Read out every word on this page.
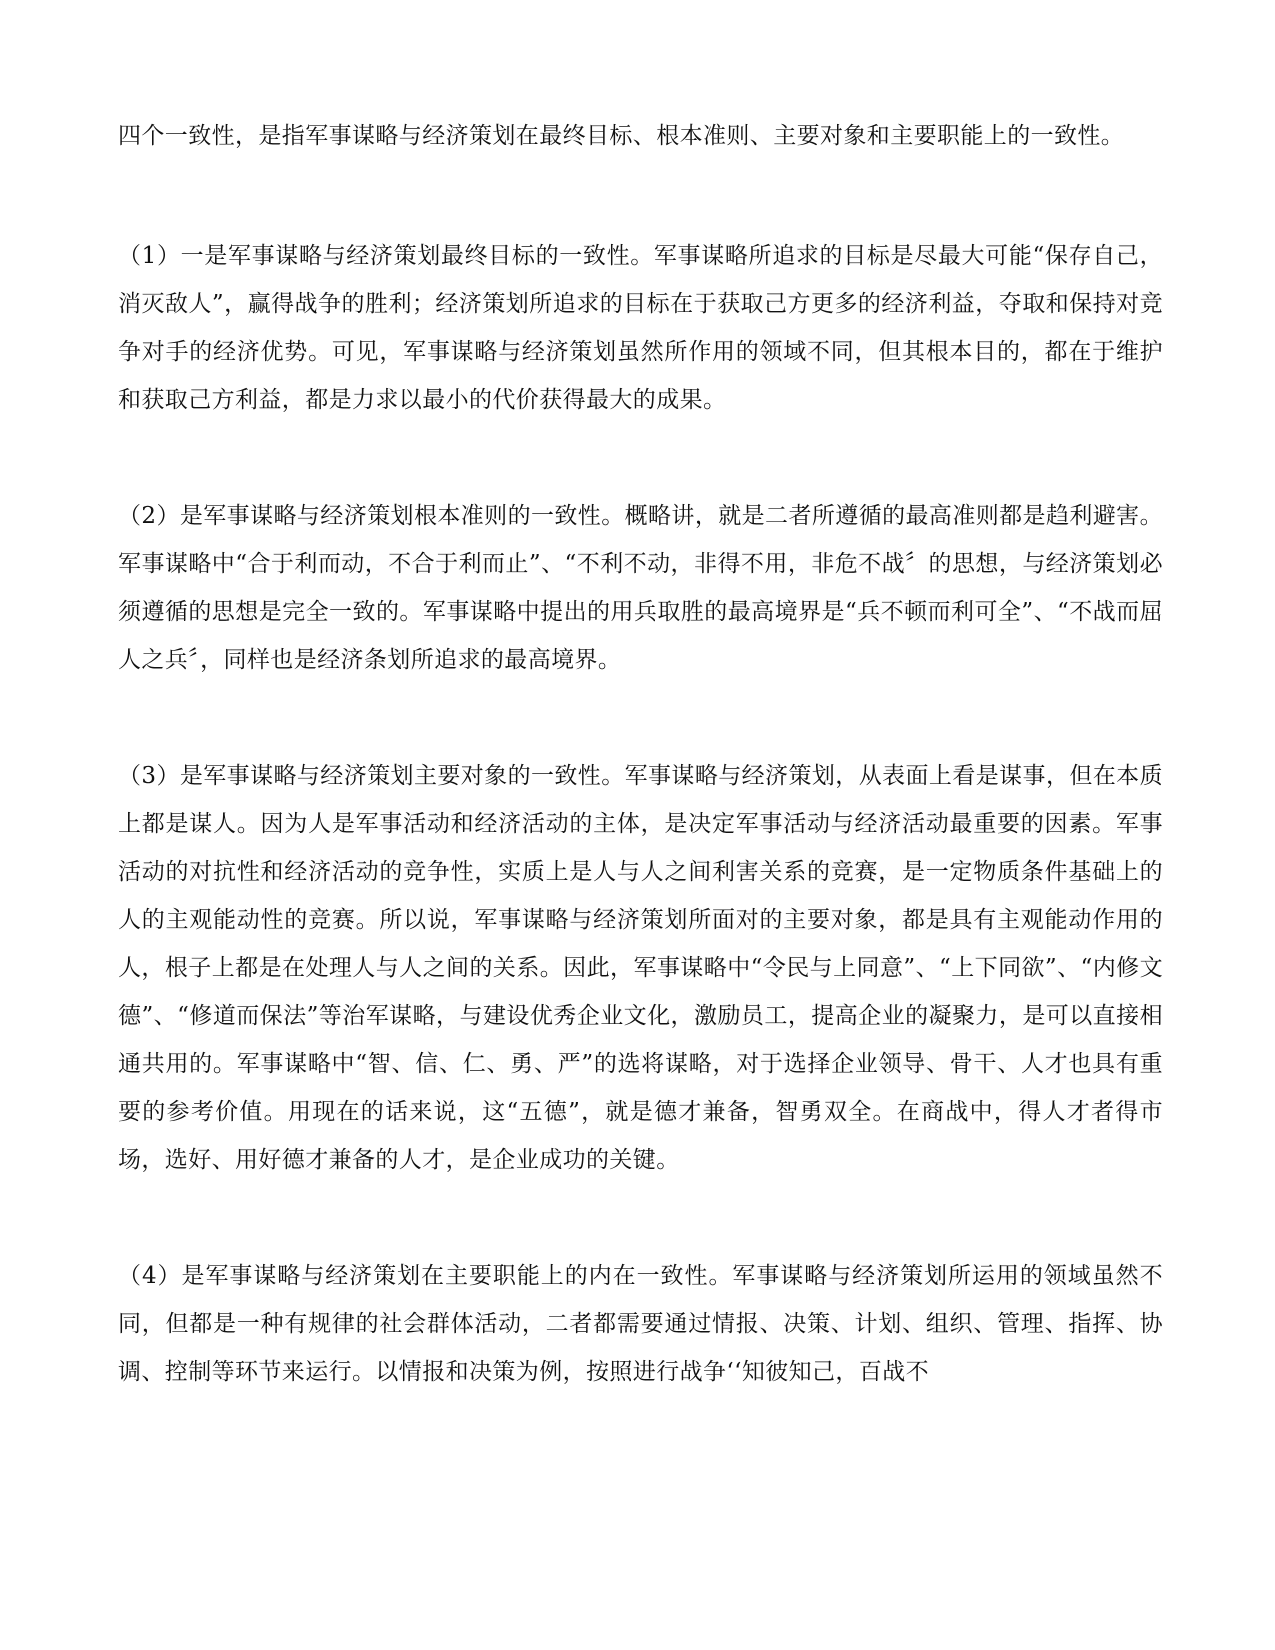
四个一致性，是指军事谋略与经济策划在最终目标、根本准则、主要对象和主要职能上的一致性。

（1）一是军事谋略与经济策划最终目标的一致性。军事谋略所追求的目标是尽最大可能“保存自己，消灭敌人”，赢得战争的胜利；经济策划所追求的目标在于获取己方更多的经济利益，夺取和保持对竞争对手的经济优势。可见，军事谋略与经济策划虽然所作用的领域不同，但其根本目的，都在于维护和获取己方利益，都是力求以最小的代价获得最大的成果。

（2）是军事谋略与经济策划根本准则的一致性。概略讲，就是二者所遵循的最高准则都是趋利避害。军事谋略中“合于利而动，不合于利而止”、“不利不动，非得不用，非危不战〞的思想，与经济策划必须遵循的思想是完全一致的。军事谋略中提出的用兵取胜的最高境界是“兵不顿而利可全”、“不战而屈人之兵〞，同样也是经济条划所追求的最高境界。

（3）是军事谋略与经济策划主要对象的一致性。军事谋略与经济策划，从表面上看是谋事，但在本质上都是谋人。因为人是军事活动和经济活动的主体，是决定军事活动与经济活动最重要的因素。军事活动的对抗性和经济活动的竞争性，实质上是人与人之间利害关系的竞赛，是一定物质条件基础上的人的主观能动性的竞赛。所以说，军事谋略与经济策划所面对的主要对象，都是具有主观能动作用的人，根子上都是在处理人与人之间的关系。因此，军事谋略中“令民与上同意”、“上下同欲”、“内修文德”、“修道而保法”等治军谋略，与建设优秀企业文化，激励员工，提高企业的凝聚力，是可以直接相通共用的。军事谋略中“智、信、仁、勇、严”的选将谋略，对于选择企业领导、骨干、人才也具有重要的参考价值。用现在的话来说，这“五德”，就是德才兼备，智勇双全。在商战中，得人才者得市场，选好、用好德才兼备的人才，是企业成功的关键。

（4）是军事谋略与经济策划在主要职能上的内在一致性。军事谋略与经济策划所运用的领域虽然不同，但都是一种有规律的社会群体活动，二者都需要通过情报、决策、计划、组织、管理、指挥、协调、控制等环节来运行。以情报和决策为例，按照进行战争‘‘知彼知己，百战不
